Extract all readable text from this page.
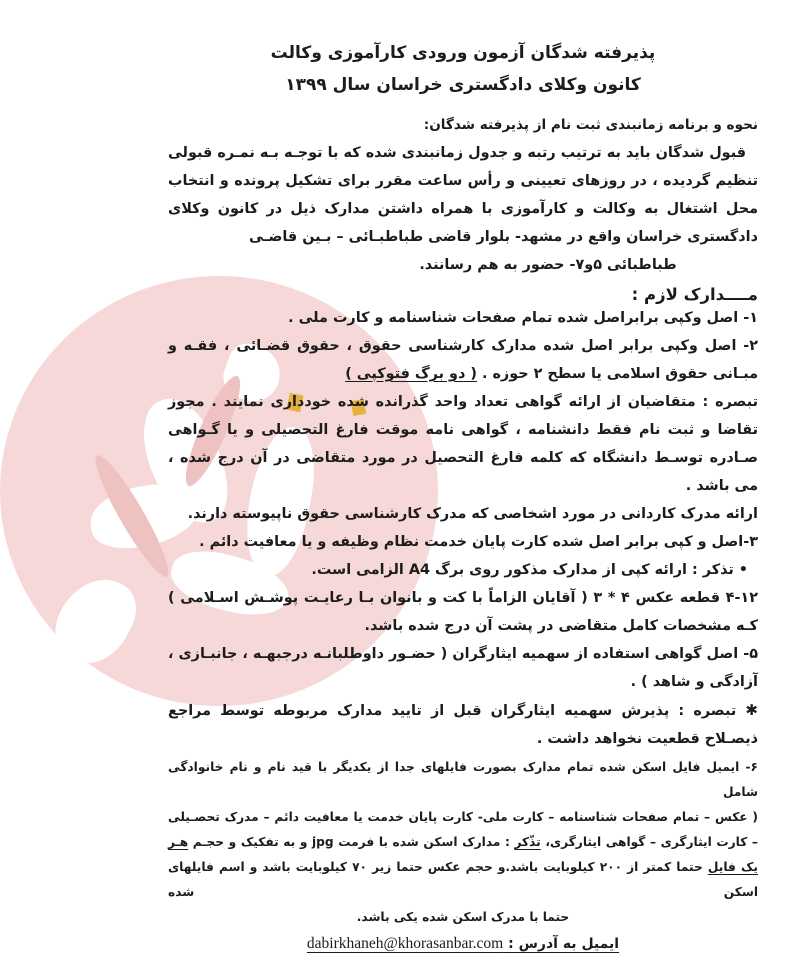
پذیرفته شدگان آزمون ورودی کارآموزی وکالت
کانون وکلای دادگستری خراسان سال ۱۳۹۹
نحوه و برنامه زمانبندی ثبت نام از پذیرفته شدگان:

قبول شدگان باید به ترتیب رتبه و جدول زمانبندی شده که با توجـه بـه نمـره قبولی تنظیم گردیده ، در روزهای تعیینی و رأس ساعت مقرر برای تشکیل پرونده و انتخاب محل اشتغال به وکالت و کارآموزی با همراه داشتن مدارک ذیل در کانون وکلای دادگستری خراسان واقع در مشهد- بلوار قاضی طباطبـائی – بـین قاضـی

طباطبائی ۵و۷- حضور به هم رسانند.
مــــدارک لازم :
۱- اصل وکپی برابراصل شده تمام صفحات شناسنامه و کارت ملی .
۲- اصل وکپی برابر اصل شده مدارک کارشناسی حقوق ، حقوق قضـائی ، فقـه و مبـانی حقوق اسلامی یا سطح ۲ حوزه . ( دو برگ فتوکپی )
تبصره : متقاضیان از ارائه گواهی تعداد واحد گذرانده شده خودداری نمایند . مجوز تقاضا و ثبت نام فقط دانشنامه ، گواهی نامه موقت فارغ التحصیلی و یا گـواهی صـادره توسـط دانشگاه که کلمه فارغ التحصیل در مورد متقاضی در آن درج شده ، می باشد .
ارائه مدرک کاردانی در مورد اشخاصی که مدرک کارشناسی حقوق ناپیوسته دارند.
۳-اصل و کپی برابر اصل شده کارت پایان خدمت نظام وظیفه و یا معافیت دائم .
• تذکر : ارائه کپی از مدارک مذکور روی برگ A4 الزامی است.
۴-۱۲ قطعه عکس ۴ * ۳ ( آقایان الزاماً با کت و بانوان بـا رعایـت پوشـش اسـلامی ) کـه مشخصات کامل متقاضی در پشت آن درج شده باشد.
۵- اصل گواهی استفاده از سهمیه ایثارگران ( حضـور داوطلبانـه درجبهـه ، جانبـازی ، آزادگی و شاهد ) .
✱ تبصره : پذیرش سهمیه ایثارگران قبل از تایید مدارک مربوطه توسط مراجع ذیصـلاح قطعیت نخواهد داشت .
۶- ایمیل فایل اسکن شده تمام مدارک بصورت فایلهای جدا از یکدیگر با قید نام و نام خانوادگی شامل
( عکس – تمام صفحات شناسنامه – کارت ملی- کارت پایان خدمت یا معافیت دائم – مدرک تحصـیلی
– کارت ایثارگری – گواهی ایثارگری، تذّکر : مدارک اسکن شده با فرمت jpg و به تفکیک و حجـم هـر
یک فایل حتما کمتر از ۲۰۰ کیلوبایت باشد.و حجم عکس حتما زیر ۷۰ کیلوبایت باشد و اسم فایلهای اسکن شده
حتما با مدرک اسکن شده یکی باشد.
ایمیل به آدرس : dabirkhaneh@khorasanbar.com
